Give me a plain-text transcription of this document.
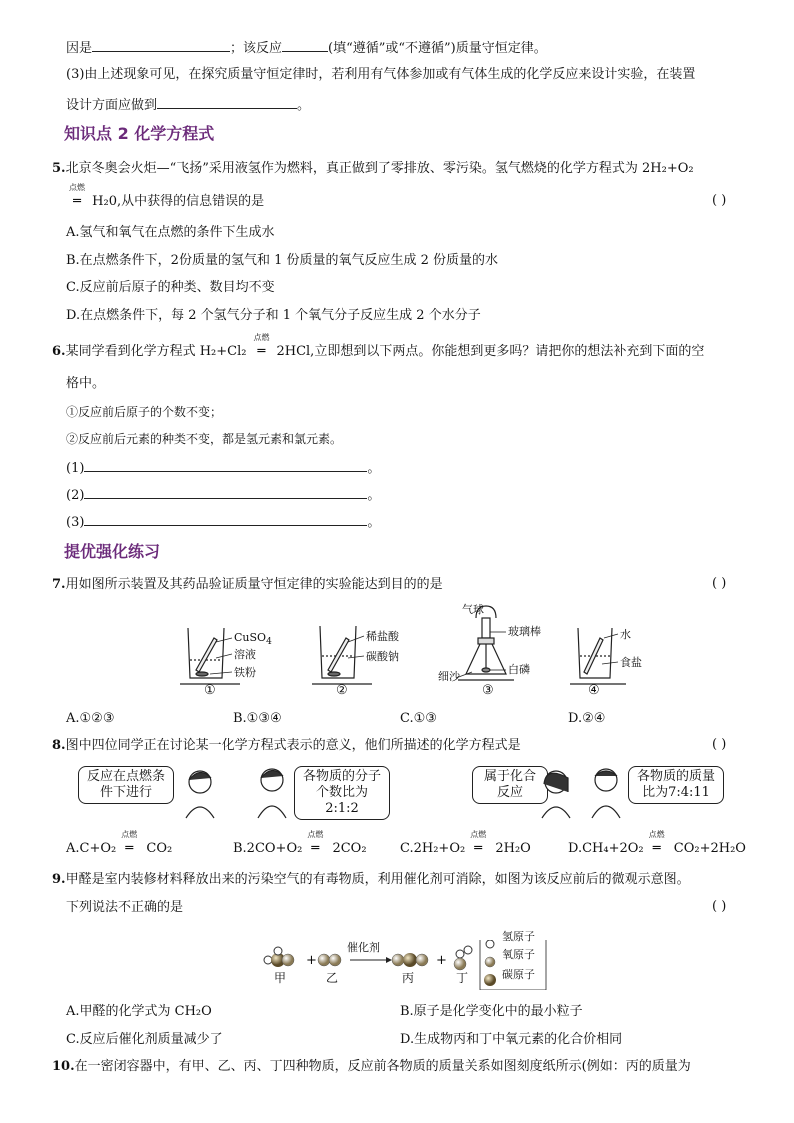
因是	；该反应	(填“遵循”或“不遵循”)质量守恒定律。
(3)由上述现象可见，在探究质量守恒定律时，若利用有气体参加或有气体生成的化学反应来设计实验，在装置
设计方面应做到	。
知识点 2 化学方程式
5.北京冬奥会火炬—“飞扬”采用液氢作为燃料，真正做到了零排放、零污染。氢气燃烧的化学方程式为 2H₂+O₂
点燃
═ H₂0,从中获得的信息错误的是	( )
A.氢气和氧气在点燃的条件下生成水
B.在点燃条件下，2份质量的氢气和 1 份质量的氧气反应生成 2 份质量的水
C.反应前后原子的种类、数目均不变
D.在点燃条件下，每 2 个氢气分子和 1 个氧气分子反应生成 2 个水分子
6.某同学看到化学方程式 H₂+Cl₂
点燃
═ 2HCl,立即想到以下两点。你能想到更多吗？请把你的想法补充到下面的空
格中。
①反应前后原子的个数不变；
②反应前后元素的种类不变，都是氢元素和氯元素。
(1)	。
(2)	。
(3)	。
提优强化练习
7.用如图所示装置及其药品验证质量守恒定律的实验能达到目的的是	( )
CuSO$_4$
溶液
铁粉
稀盐酸
碳酸钠
气球
玻璃棒
白磷
细沙
水
食盐
①	②	③	④
A.①②③	B.①③④	C.①③	D.②④
8.图中四位同学正在讨论某一化学方程式表示的意义，他们所描述的化学方程式是	( )
反应在点燃条件下进行
各物质的分子个数比为2:1:2
属于化合反应
各物质的质量比为7:4:11
A.C+O₂
点燃
═ CO₂	B.2CO+O₂
点燃
═ 2CO₂	C.2H₂+O₂
点燃
═ 2H₂O	D.CH₄+2O₂
点燃
═ CO₂+2H₂O
9.甲醛是室内装修材料释放出来的污染空气的有毒物质，利用催化剂可消除，如图为该反应前后的微观示意图。
下列说法不正确的是	( )
+	+
催化剂
氢原子
氧原子
碳原子
甲	乙	丙	丁
A.甲醛的化学式为 CH₂O	B.原子是化学变化中的最小粒子
C.反应后催化剂质量减少了	D.生成物丙和丁中氧元素的化合价相同
10.在一密闭容器中，有甲、乙、丙、丁四种物质，反应前各物质的质量关系如图刻度纸所示(例如：丙的质量为
